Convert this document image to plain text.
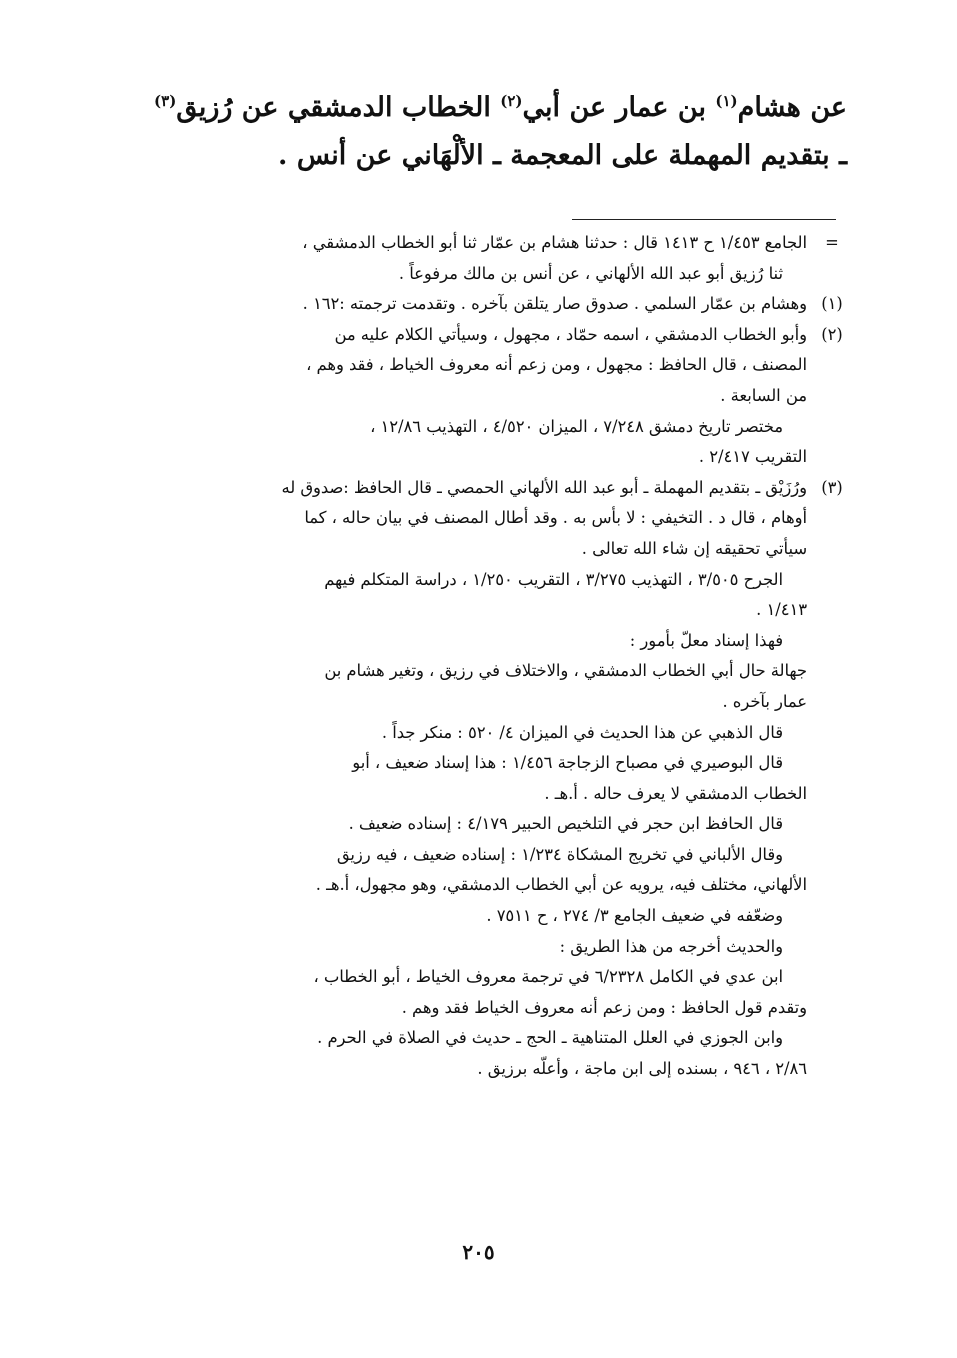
عن هشام$^{(١)}$ بن عمار عن أبي$^{(٢)}$ الخطاب الدمشقي عن رُزيق$^{(٣)}$
ـ بتقديم المهملة على المعجمة ـ الألْهَاني عن أنس .
=

الجامع ١/٤٥٣ ح ١٤١٣ قال : حدثنا هشام بن عمّار ثنا أبو الخطاب الدمشقي ،

ثنا رُزيق أبو عبد الله الألهاني ، عن أنس بن مالك مرفوعاً .

(١)

وهشام بن عمّار السلمي . صدوق صار يتلقن بآخره . وتقدمت ترجمته :١٦٢ .

(٢)

وأبو الخطاب الدمشقي ، اسمه حمّاد ، مجهول ، وسيأتي الكلام عليه من

المصنف ، قال الحافظ : مجهول ، ومن زعم أنه معروف الخياط ، فقد وهم ،

من السابعة .

مختصر تاريخ دمشق ٧/٢٤٨ ، الميزان ٤/٥٢٠ ، التهذيب ١٢/٨٦ ،

التقريب ٢/٤١٧ .

(٣)

ورُزَيْق ـ بتقديم المهملة ـ أبو عبد الله الألهاني الحمصي ـ قال الحافظ :صدوق له

أوهام ، قال د . التخيفي : لا بأس به . وقد أطال المصنف في بيان حاله ، كما

سيأتي تحقيقه إن شاء الله تعالى .

الجرح ٣/٥٠٥ ، التهذيب ٣/٢٧٥ ، التقريب ١/٢٥٠ ، دراسة المتكلم فيهم

١/٤١٣ .

فهذا إسناد معلّ بأمور :

جهالة حال أبي الخطاب الدمشقي ، والاختلاف في رزيق ، وتغير هشام بن

عمار بآخره .

قال الذهبي عن هذا الحديث في الميزان ٤/ ٥٢٠ : منكر جداً .

قال البوصيري في مصباح الزجاجة ١/٤٥٦ : هذا إسناد ضعيف ، أبو

الخطاب الدمشقي لا يعرف حاله . أ.هـ .

قال الحافظ ابن حجر في التلخيص الحبير ٤/١٧٩ : إسناده ضعيف .

وقال الألباني في تخريج المشكاة ١/٢٣٤ : إسناده ضعيف ، فيه رزيق

الألهاني، مختلف فيه، يرويه عن أبي الخطاب الدمشقي، وهو مجهول، أ.هـ .

وضعّفه في ضعيف الجامع ٣/ ٢٧٤ ، ح ٧٥١١ .

والحديث أخرجه من هذا الطريق :

ابن عدي في الكامل ٦/٢٣٢٨ في ترجمة معروف الخياط ، أبو الخطاب ،

وتقدم قول الحافظ : ومن زعم أنه معروف الخياط فقد وهم .

وابن الجوزي في العلل المتناهية ـ الحج ـ حديث في الصلاة في الحرم .

٢/٨٦ ، ٩٤٦ ، بسنده إلى ابن ماجة ، وأعلّه برزيق .

٢٠٥
